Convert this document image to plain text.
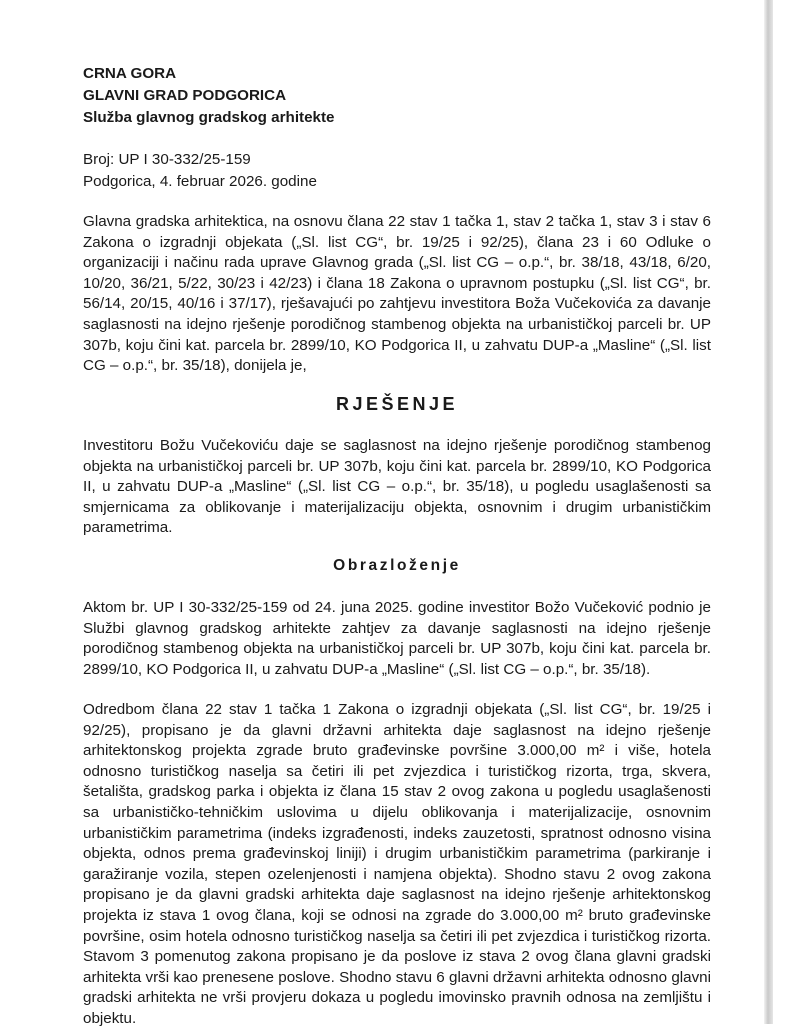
CRNA GORA
GLAVNI GRAD PODGORICA
Služba glavnog gradskog arhitekte
Broj: UP I 30-332/25-159
Podgorica, 4. februar 2026. godine
Glavna gradska arhitektica, na osnovu člana 22 stav 1 tačka 1, stav 2 tačka 1, stav 3 i stav 6 Zakona o izgradnji objekata („Sl. list CG“, br. 19/25 i 92/25), člana 23 i 60 Odluke o organizaciji i načinu rada uprave Glavnog grada („Sl. list CG – o.p.“, br. 38/18, 43/18, 6/20, 10/20, 36/21, 5/22, 30/23 i 42/23) i člana 18 Zakona o upravnom postupku („Sl. list CG“, br. 56/14, 20/15, 40/16 i 37/17), rješavajući po zahtjevu investitora Boža Vučekovića za davanje saglasnosti na idejno rješenje porodičnog stambenog objekta na urbanističkoj parceli br. UP 307b, koju čini kat. parcela br. 2899/10, KO Podgorica II, u zahvatu DUP-a „Masline“ („Sl. list CG – o.p.“, br. 35/18), donijela je,
RJEŠENJE
Investitoru Božu Vučekoviću daje se saglasnost na idejno rješenje porodičnog stambenog objekta na urbanističkoj parceli br. UP 307b, koju čini kat. parcela br. 2899/10, KO Podgorica II, u zahvatu DUP-a „Masline“ („Sl. list CG – o.p.“, br. 35/18), u pogledu usaglašenosti sa smjernicama za oblikovanje i materijalizaciju objekta, osnovnim i drugim urbanističkim parametrima.
Obrazloženje
Aktom br. UP I 30-332/25-159 od 24. juna 2025. godine investitor Božo Vučeković podnio je Službi glavnog gradskog arhitekte zahtjev za davanje saglasnosti na idejno rješenje porodičnog stambenog objekta na urbanističkoj parceli br. UP 307b, koju čini kat. parcela br. 2899/10, KO Podgorica II, u zahvatu DUP-a „Masline“ („Sl. list CG – o.p.“, br. 35/18).
Odredbom člana 22 stav 1 tačka 1 Zakona o izgradnji objekata („Sl. list CG“, br. 19/25 i 92/25), propisano je da glavni državni arhitekta daje saglasnost na idejno rješenje arhitektonskog projekta zgrade bruto građevinske površine 3.000,00 m² i više, hotela odnosno turističkog naselja sa četiri ili pet zvjezdica i turističkog rizorta, trga, skvera, šetališta, gradskog parka i objekta iz člana 15 stav 2 ovog zakona u pogledu usaglašenosti sa urbanističko-tehničkim uslovima u dijelu oblikovanja i materijalizacije, osnovnim urbanističkim parametrima (indeks izgrađenosti, indeks zauzetosti, spratnost odnosno visina objekta, odnos prema građevinskoj liniji) i drugim urbanističkim parametrima (parkiranje i garažiranje vozila, stepen ozelenjenosti i namjena objekta). Shodno stavu 2 ovog zakona propisano je da glavni gradski arhitekta daje saglasnost na idejno rješenje arhitektonskog projekta iz stava 1 ovog člana, koji se odnosi na zgrade do 3.000,00 m² bruto građevinske površine, osim hotela odnosno turističkog naselja sa četiri ili pet zvjezdica i turističkog rizorta. Stavom 3 pomenutog zakona propisano je da poslove iz stava 2 ovog člana glavni gradski arhitekta vrši kao prenesene poslove. Shodno stavu 6 glavni državni arhitekta odnosno glavni gradski arhitekta ne vrši provjeru dokaza u pogledu imovinsko pravnih odnosa na zemljištu i objektu.
